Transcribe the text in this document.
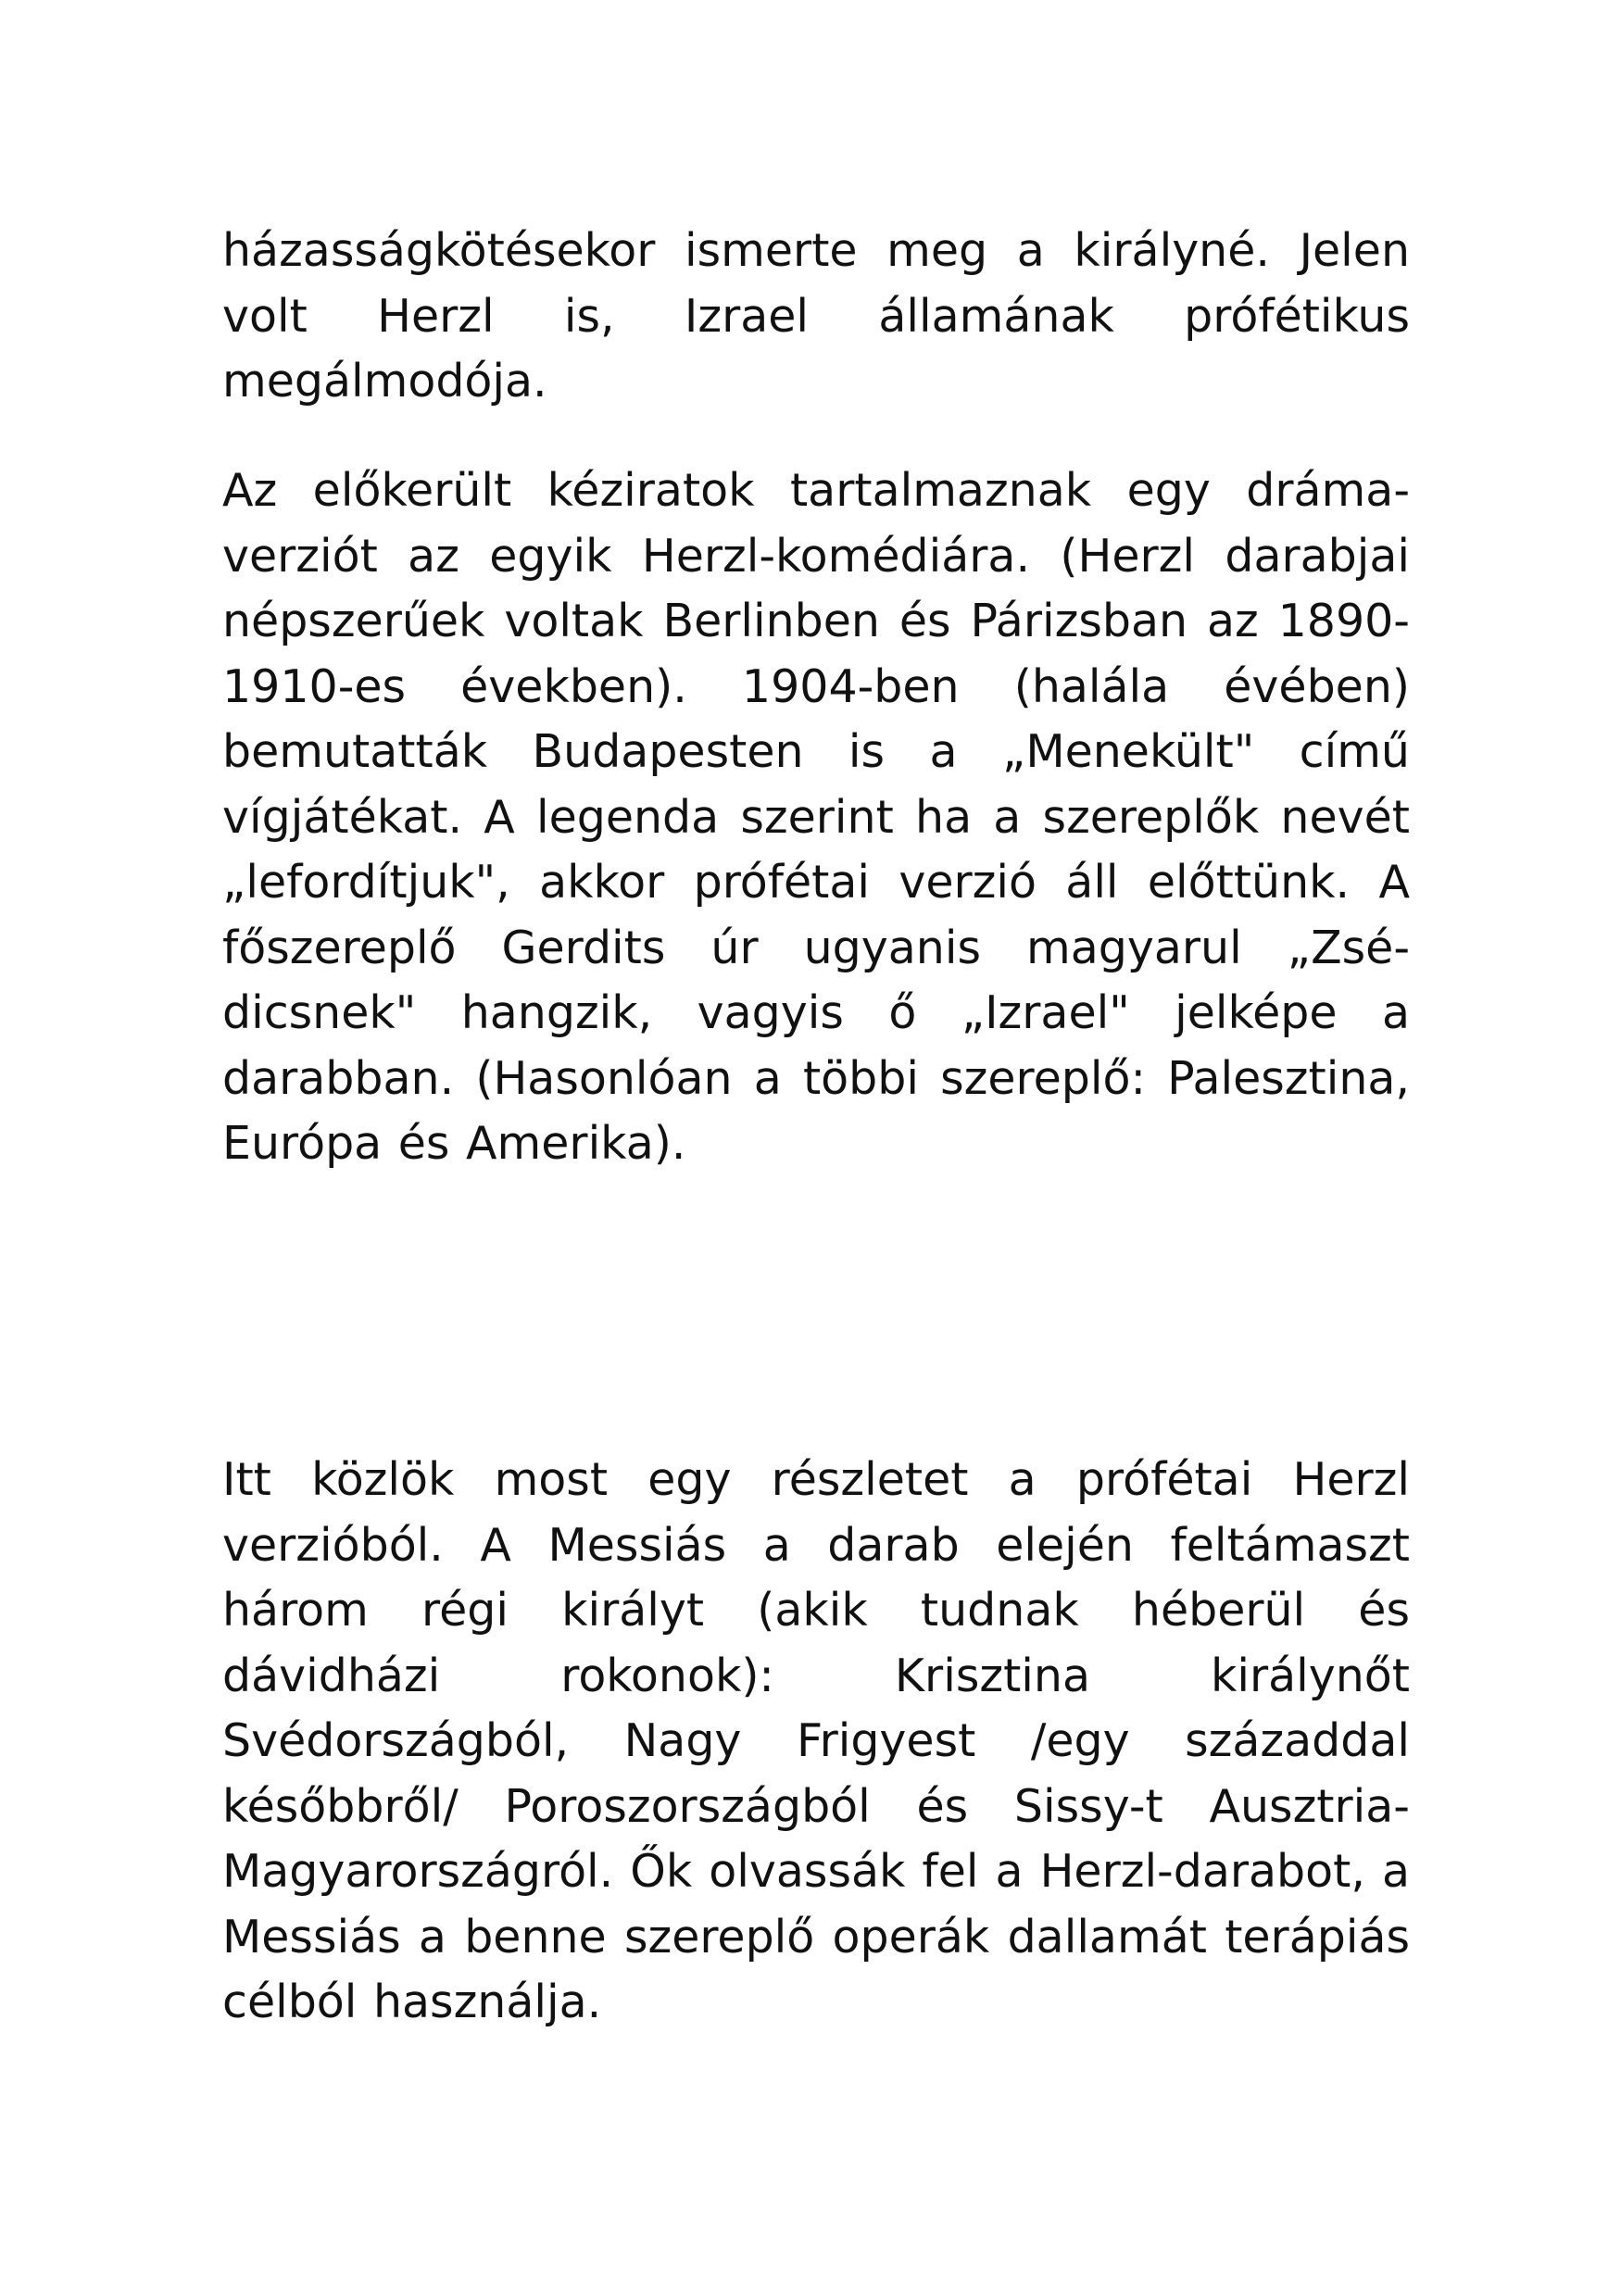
házasságkötésekor ismerte meg a királyné. Jelen volt Herzl is, Izrael államának prófétikus megálmodója.

Az előkerült kéziratok tartalmaznak egy dráma-verziót az egyik Herzl-komédiára. (Herzl darabjai népszerűek voltak Berlinben és Párizsban az 1890-1910-es években). 1904-ben (halála évében) bemutatták Budapesten is a „Menekült" című vígjátékat. A legenda szerint ha a szereplők nevét „lefordítjuk", akkor prófétai verzió áll előttünk. A főszereplő Gerdits úr ugyanis magyarul „Zsé-dicsnek" hangzik, vagyis ő „Izrael" jelképe a darabban. (Hasonlóan a többi szereplő: Palesztina, Európa és Amerika).

Itt közlök most egy részletet a prófétai Herzl verzióból. A Messiás a darab elején feltámaszt három régi királyt (akik tudnak héberül és dávidházi rokonok): Krisztina királynőt Svédországból, Nagy Frigyest /egy századdal későbbről/ Poroszországból és Sissy-t Ausztria-Magyarországról. Ők olvassák fel a Herzl-darabot, a Messiás a benne szereplő operák dallamát terápiás célból használja.
